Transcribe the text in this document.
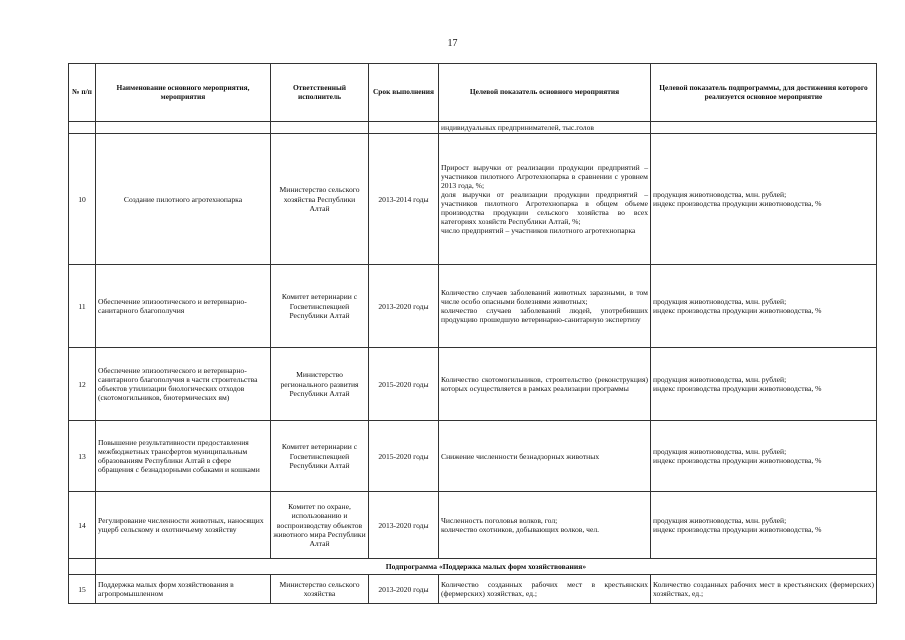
17
№ п/п	Наименование основного мероприятия, мероприятия	Ответственный исполнитель	Срок выполнения	Целевой показатель основного мероприятия	Целевой показатель подпрограммы, для достижения которого реализуется основное мероприятие
				индивидуальных предпринимателей, тыс.голов	
10	Создание пилотного агротехнопарка	Министерство сельского хозяйства Республики Алтай	2013-2014 годы	Прирост выручки от реализации продукции предприятий – участников пилотного Агротехнопарка в сравнении с уровнем 2013 года, %;
доля выручки от реализации продукции предприятий – участников пилотного Агротехнопарка в общем объеме производства продукции сельского хозяйства во всех категориях хозяйств Республики Алтай, %;
число предприятий – участников пилотного агротехнопарка	продукция животноводства, млн. рублей;
индекс производства продукции животноводства, %

11	Обеспечение эпизоотического и ветеринарно-санитарного благополучия	Комитет ветеринарии с Госветинспекцией Республики Алтай	2013-2020 годы	Количество случаев заболеваний животных заразными, в том числе особо опасными болезнями животных;
количество случаев заболеваний людей, употребивших продукцию прошедшую ветеринарно-санитарную экспертизу	продукция животноводства, млн. рублей;
индекс производства продукции животноводства, %

12	Обеспечение эпизоотического и ветеринарно-санитарного благополучия в части строительства объектов утилизации биологических отходов (скотомогильников, биотермических ям)	Министерство регионального развития Республики Алтай	2015-2020 годы	Количество скотомогильников, строительство (реконструкция) которых осуществляется в рамках реализации программы	продукция животноводства, млн. рублей;
индекс производства продукции животноводства, %

13	Повышение результативности предоставления межбюджетных трансфертов муниципальным образованиям Республики Алтай в сфере обращения с безнадзорными собаками и кошками	Комитет ветеринарии с Госветинспекцией Республики Алтай	2015-2020 годы	Снижение численности безнадзорных животных	продукция животноводства, млн. рублей;
индекс производства продукции животноводства, %

14	Регулирование численности животных, наносящих ущерб сельскому и охотничьему хозяйству	Комитет по охране, использованию и воспроизводству объектов животного мира Республики Алтай	2013-2020 годы	Численность поголовья волков, гол;
количество охотников, добывающих волков, чел.	продукция животноводства, млн. рублей;
индекс производства продукции животноводства, %

	Подпрограмма «Поддержка малых форм хозяйствования»				
15	Поддержка малых форм хозяйствования в агропромышленном	Министерство сельского хозяйства	2013-2020 годы	Количество созданных рабочих мест в крестьянских (фермерских) хозяйствах, ед.;	Количество созданных рабочих мест в крестьянских (фермерских) хозяйствах, ед.;
